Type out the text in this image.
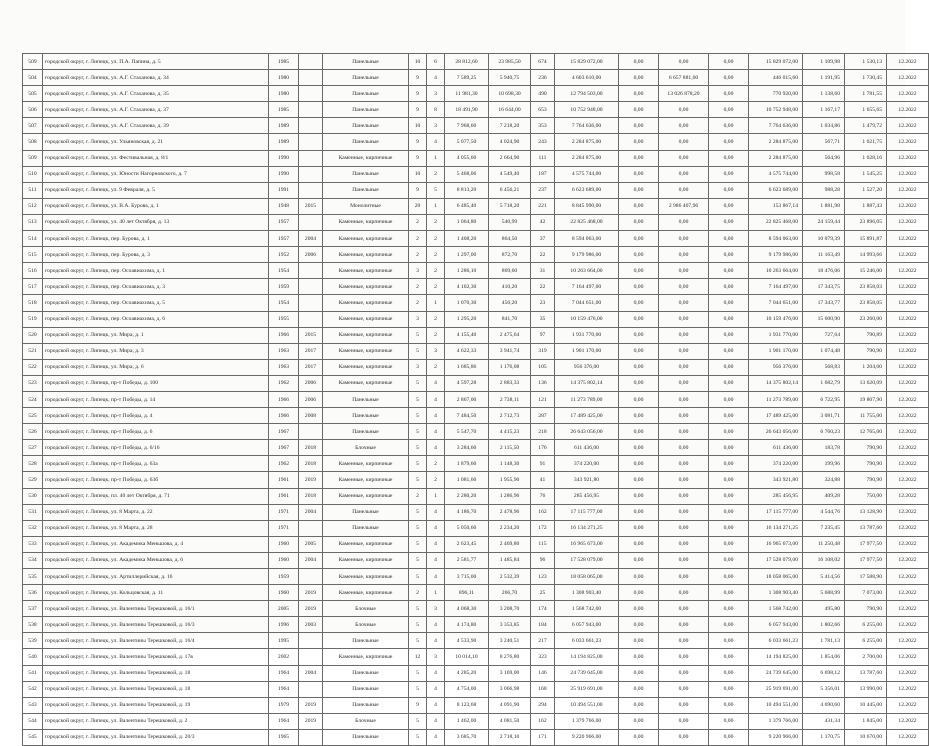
509	городской округ, г. Липецк, ул. П.А. Папина, д. 5	1985		Панельные	10	6	28 812,60	23 985,50	674	15 829 072,00	0,00	0,00	0,00	15 829 072,00	1 109,98	1 530,13	12.2022
504	городской округ, г. Липецк, ул. А.Г. Стаханова, д. 34	1980		Панельные	9	4	7 589,25	5 940,75	236	4 603 610,00	0,00	6 657 881,00	0,00	446 015,60	1 191,95	1 730,45	12.2022
505	городской округ, г. Липецк, ул. А.Г. Стаханова, д. 35	1980		Панельные	9	3	11 981,30	10 698,30	490	12 794 503,00	0,00	13 026 878,20	0,00	770 920,00	1 138,60	1 781,55	12.2022
506	городской округ, г. Липецк, ул. А.Г. Стаханова, д. 37	1985		Панельные	9	8	18 491,90	16 644,00	653	10 752 948,00	0,00	0,00	0,00	10 752 948,00	1 167,17	1 655,65	12.2022
507	городской округ, г. Липецк, ул. А.Г. Стаханова, д. 39	1989		Панельные	10	3	7 968,60	7 218,20	353	7 764 636,00	0,00	0,00	0,00	7 764 636,00	1 034,86	1 479,72	12.2022
508	городской округ, г. Липецк, ул. Ульяновская, д. 21	1989		Панельные	9	4	5 077,50	4 024,90	243	2 284 875,00	0,00	0,00	0,00	2 284 875,00	567,71	1 021,75	12.2022
509	городской округ, г. Липецк, ул. Фестивальная, д. 8/1	1990		Каменные, кирпичные	9	1	4 055,60	2 664,90	111	2 284 875,00	0,00	0,00	0,00	2 284 875,00	564,96	1 028,16	12.2022
510	городской округ, г. Липецк, ул. Юности Нагорновского, д. 7	1990		Панельные	10	2	5 468,06	4 549,40	187	4 575 744,00	0,00	0,00	0,00	4 575 744,00	998,58	1 545,25	12.2022
511	городской округ, г. Липецк, ул. 9 Февраля, д. 5	1991		Панельные	9	5	8 813,20	6 456,21	237	6 623 689,00	0,00	0,00	0,00	6 623 689,00	988,28	1 527,20	12.2022
512	городской округ, г. Липецк, ул. В.А. Бурова, д. 1	1948	2015	Монолитные	20	1	6 485,40	5 718,20	221	8 845 990,00	0,00	2 986 407,96	0,00	153 867,14	1 881,98	1 887,43	12.2022
513	городской округ, г. Липецк, ул. 40 лет Октября, д. 13	1957		Каменные, кирпичные	2	2	1 064,80	540,99	42	22 825 468,00	0,00	0,00	0,00	22 825 468,00	24 159,44	23 896,05	12.2022
514	городской округ, г. Липецк, пер. Бурова, д. 1	1957	2004	Каменные, кирпичные	2	2	1 408,20	864,50	37	8 594 063,00	0,00	0,00	0,00	8 594 063,00	10 079,39	15 891,87	12.2022
515	городской округ, г. Липецк, пер. Бурова, д. 3	1952	2006	Каменные, кирпичные	2	2	1 297,00	872,70	22	9 179 986,00	0,00	0,00	0,00	9 179 986,00	11 163,49	14 993,66	12.2022
516	городской округ, г. Липецк, пер. Осоавиахима, д. 1	1954		Каменные, кирпичные	3	2	1 286,10	869,60	31	10 263 664,00	0,00	0,00	0,00	10 263 664,00	18 476,06	15 246,00	12.2022
517	городской округ, г. Липецк, пер. Осоавиахима, д. 3	1959		Каменные, кирпичные	2	2	4 102,30	410,20	22	7 164 497,00	0,00	0,00	0,00	7 164 497,00	17 343,75	23 858,03	12.2022
518	городской округ, г. Липецк, пер. Осоавиахима, д. 5	1954		Каменные, кирпичные	2	1	1 070,30	456,20	23	7 044 651,00	0,00	0,00	0,00	7 044 651,00	17 343,77	23 858,05	12.2022
519	городской округ, г. Липецк, пер. Осоавиахима, д. 6	1955		Каменные, кирпичные	3	2	1 295,20	841,70	35	10 159 476,00	0,00	0,00	0,00	10 159 476,00	15 600,90	23 260,00	12.2022
520	городской округ, г. Липецк, ул. Мира, д. 1	1966	2015	Каменные, кирпичные	5	2	4 155,40	2 475,64	97	1 931 770,00	0,00	0,00	0,00	1 931 770,00	727,64	790,89	12.2022
521	городской округ, г. Липецк, ул. Мира, д. 3	1963	2017	Каменные, кирпичные	5	3	4 622,33	3 941,74	319	1 901 170,00	0,00	0,00	0,00	1 901 170,00	1 074,48	790,90	12.2022
522	городской округ, г. Липецк, ул. Мира, д. 6	1963	2017	Каменные, кирпичные	3	2	1 685,86	1 176,08	105	956 376,00	0,00	0,00	0,00	956 376,00	568,83	1 204,00	12.2022
523	городской округ, г. Липецк, пр-т Победы, д. 100	1962	2006	Каменные, кирпичные	5	4	4 597,28	2 883,33	136	14 375 802,14	0,00	0,00	0,00	14 375 802,14	1 682,79	13 620,09	12.2022
524	городской округ, г. Липецк, пр-т Победы, д. 14	1966	2006	Панельные	5	4	2 867,00	2 738,11	121	11 273 789,00	0,00	0,00	0,00	11 273 789,00	6 722,95	19 807,90	12.2022
525	городской округ, г. Липецк, пр-т Победы, д. 4	1966	2008	Панельные	5	4	7 484,50	2 712,73	287	17 489 425,00	0,00	0,00	0,00	17 489 425,00	3 081,71	11 755,00	12.2022
526	городской округ, г. Липецк, пр-т Победы, д. 6	1967		Панельные	5	4	5 547,70	4 415,23	218	26 643 056,00	0,00	0,00	0,00	26 643 056,00	6 760,23	12 765,00	12.2022
527	городской округ, г. Липецк, пр-т Победы, д. 6/16	1967	2018	Блочные	5	4	3 284,60	2 115,50	176	611 436,00	0,00	0,00	0,00	611 436,00	183,78	790,90	12.2022
528	городской округ, г. Липецк, пр-т Победы, д. 63а	1962	2018	Каменные, кирпичные	5	2	1 879,60	1 148,30	91	374 220,00	0,00	0,00	0,00	374 220,00	199,96	790,90	12.2022
529	городской округ, г. Липецк, пр-т Победы, д. 63б	1961	2019	Каменные, кирпичные	5	2	1 081,60	1 955,90	41	343 921,80	0,00	0,00	0,00	343 921,80	324,88	790,90	12.2022
530	городской округ, г. Липецк, пл. 40 лет Октября, д. 71	1961	2018	Каменные, кирпичные	2	1	2 280,20	1 286,96	76	285 456,95	0,00	0,00	0,00	285 456,95	409,28	750,00	12.2022
531	городской округ, г. Липецк, ул. 8 Марта, д. 22	1971	2004	Панельные	5	4	4 186,70	2 478,96	162	17 115 777,00	0,00	0,00	0,00	17 115 777,00	4 544,76	13 128,90	12.2022
532	городской округ, г. Липецк, ул. 8 Марта, д. 28	1971		Панельные	5	4	5 050,60	2 234,20	172	16 134 271,25	0,00	0,00	0,00	16 134 271,25	7 235,45	13 787,60	12.2022
533	городской округ, г. Липецк, ул. Академика Меньшова, д. 4	1960	2005	Каменные, кирпичные	5	4	2 623,45	2 469,80	115	16 965 673,00	0,00	0,00	0,00	16 965 673,00	11 250,48	17 977,50	12.2022
534	городской округ, г. Липецк, ул. Академика Меньшова, д. 6	1960	2004	Каменные, кирпичные	5	4	2 581,77	1 485,84	96	17 528 079,00	0,00	0,00	0,00	17 528 079,00	16 108,02	17 977,50	12.2022
535	городской округ, г. Липецк, ул. Артиллерийская, д. 16	1959		Каменные, кирпичные	5	4	3 715,00	2 532,39	123	18 058 065,00	0,00	0,00	0,00	18 058 065,00	5 414,56	17 588,90	12.2022
536	городской округ, г. Липецк, ул. Кольцовская, д. 11	1960	2019	Каменные, кирпичные	2	1	896,11	266,70	25	1 308 903,40	0,00	0,00	0,00	1 308 903,40	5 688,99	7 073,00	12.2022
537	городской округ, г. Липецк, ул. Валентины Терешковой, д. 16/1	2005	2019	Блочные	5	3	4 068,30	3 208,70	174	1 568 742,00	0,00	0,00	0,00	1 568 742,00	495,80	790,90	12.2022
538	городской округ, г. Липецк, ул. Валентины Терешковой, д. 16/3	1996	2003	Блочные	5	4	4 174,80	3 353,85	184	6 057 943,00	0,00	0,00	0,00	6 057 943,00	1 802,66	6 255,00	12.2022
539	городской округ, г. Липецк, ул. Валентины Терешковой, д. 16/4	1995		Панельные	5	4	4 533,90	3 240,51	217	6 033 661,23	0,00	0,00	0,00	6 033 661,23	1 781,13	6 255,00	12.2022
540	городской округ, г. Липецк, ул. Валентины Терешковой, д. 17в	2002		Каменные, кирпичные	12	3	10 014,10	8 276,80	323	14 194 825,00	0,00	0,00	0,00	14 194 825,00	1 854,06	2 700,00	12.2022
541	городской округ, г. Липецк, ул. Валентины Терешковой, д. 18	1964	2004	Панельные	5	4	4 285,20	3 169,00	146	24 739 645,00	0,00	0,00	0,00	24 739 645,00	6 698,12	13 787,60	12.2022
542	городской округ, г. Липецк, ул. Валентины Терешковой, д. 18	1964		Панельные	5	4	4 754,00	3 066,98	168	25 919 691,00	0,00	0,00	0,00	25 919 691,00	5 356,01	13 990,00	12.2022
543	городской округ, г. Липецк, ул. Валентины Терешковой, д. 19	1979	2019	Панельные	9	4	8 123,68	4 091,90	294	10 494 551,00	0,00	0,00	0,00	10 494 551,00	4 690,60	10 445,00	12.2022
544	городской округ, г. Липецк, ул. Валентины Терешковой, д. 2	1964	2019	Блочные	5	4	1 462,00	4 081,50	162	1 379 766,00	0,00	0,00	0,00	1 379 766,00	431,34	1 845,00	12.2022
545	городской округ, г. Липецк, ул. Валентины Терешковой, д. 20/3	1965		Панельные	5	4	3 685,70	2 718,10	171	9 220 966,00	0,00	0,00	0,00	9 220 966,00	1 170,75	10 670,00	12.2022
